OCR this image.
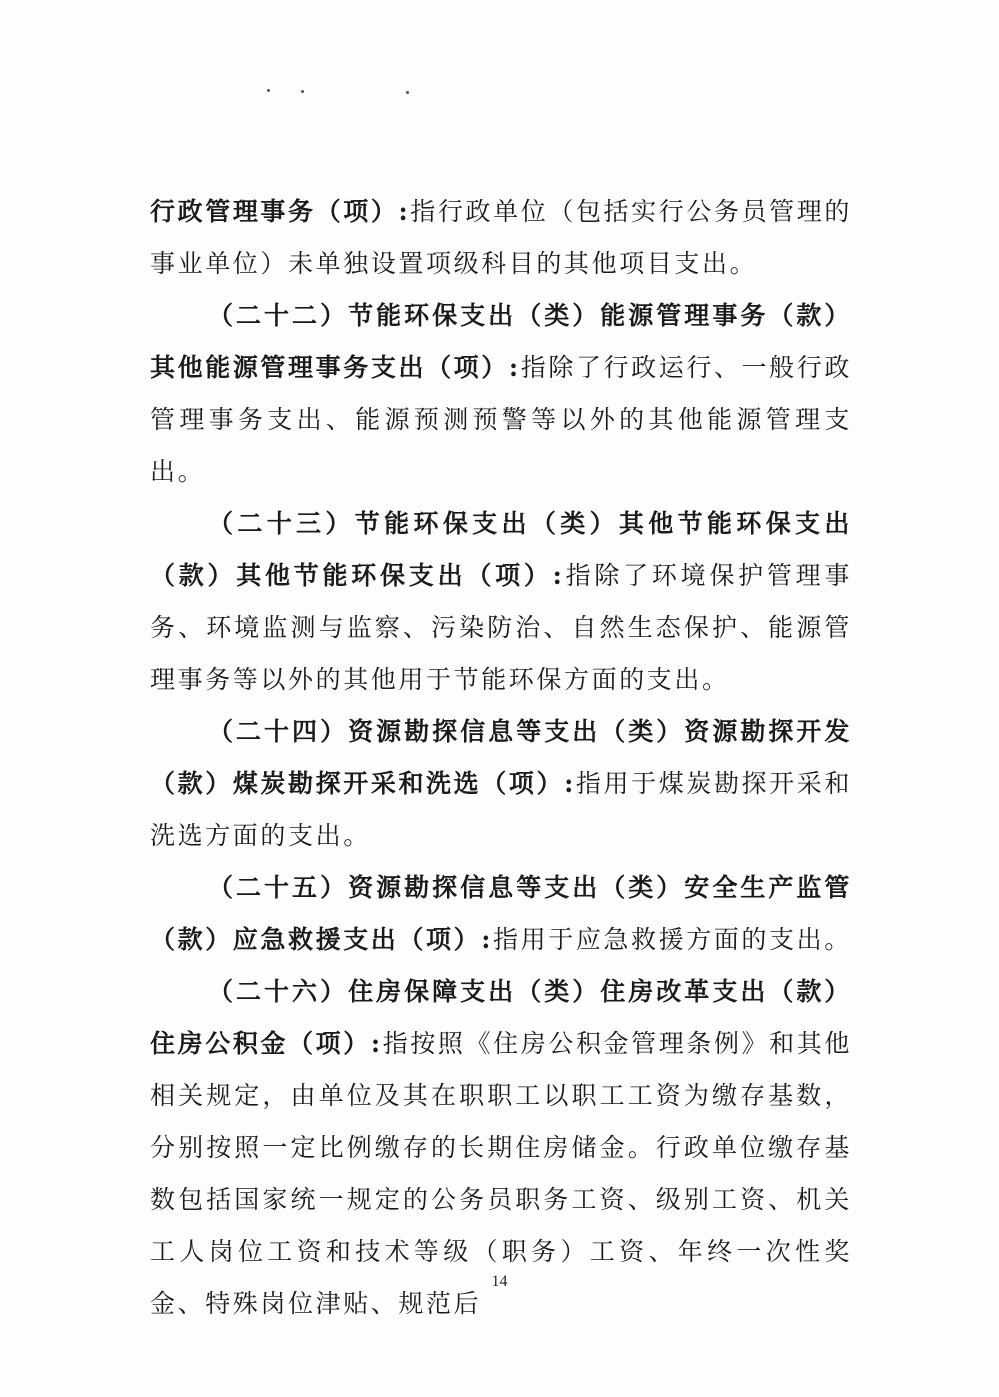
行政管理事务（项）:指行政单位（包括实行公务员管理的事业单位）未单独设置项级科目的其他项目支出。

（二十二）节能环保支出（类）能源管理事务（款）其他能源管理事务支出（项）:指除了行政运行、一般行政管理事务支出、能源预测预警等以外的其他能源管理支出。

（二十三）节能环保支出（类）其他节能环保支出（款）其他节能环保支出（项）:指除了环境保护管理事务、环境监测与监察、污染防治、自然生态保护、能源管理事务等以外的其他用于节能环保方面的支出。

（二十四）资源勘探信息等支出（类）资源勘探开发（款）煤炭勘探开采和洗选（项）:指用于煤炭勘探开采和洗选方面的支出。

（二十五）资源勘探信息等支出（类）安全生产监管（款）应急救援支出（项）:指用于应急救援方面的支出。

（二十六）住房保障支出（类）住房改革支出（款）住房公积金（项）:指按照《住房公积金管理条例》和其他相关规定，由单位及其在职职工以职工工资为缴存基数，分别按照一定比例缴存的长期住房储金。行政单位缴存基数包括国家统一规定的公务员职务工资、级别工资、机关工人岗位工资和技术等级（职务）工资、年终一次性奖金、特殊岗位津贴、规范后

14
